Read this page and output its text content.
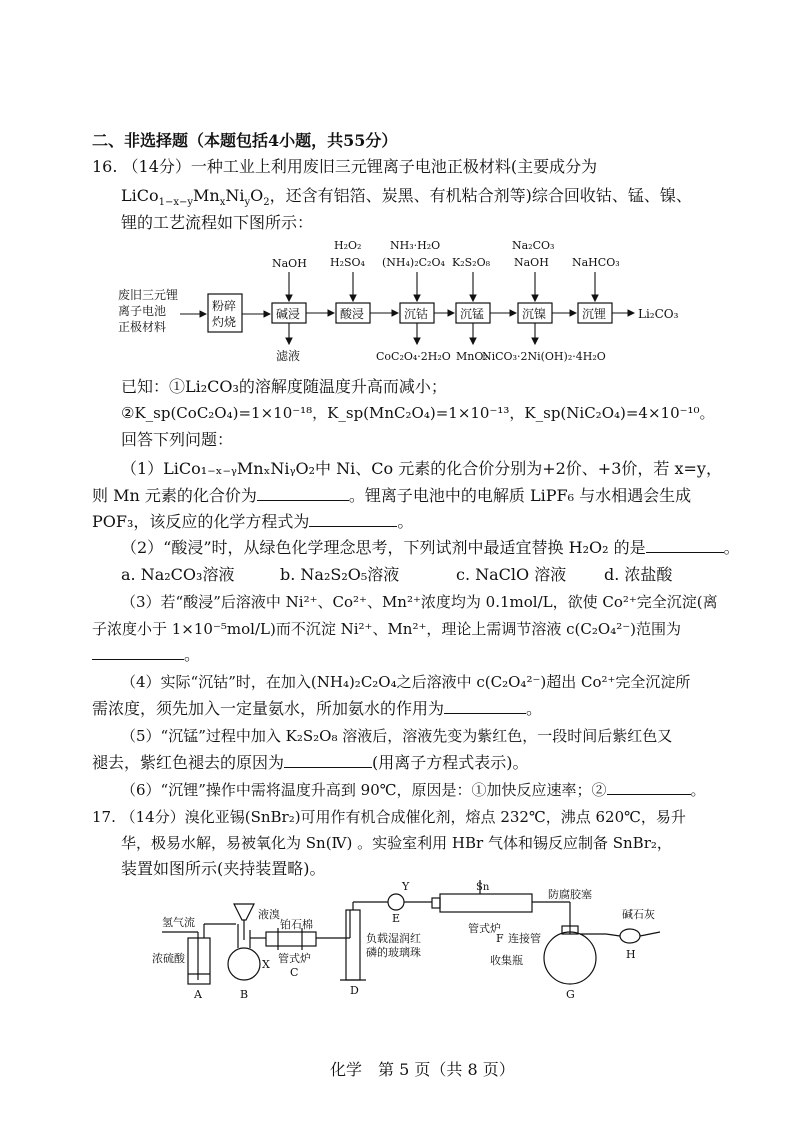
二、非选择题（本题包括4小题，共55分）
16. （14分）一种工业上利用废旧三元锂离子电池正极材料(主要成分为
$LiCo_{1-x-y}Mn_xNi_yO_2$，还含有铝箔、炭黑、有机粘合剂等)综合回收钴、锰、镍、
锂的工艺流程如下图所示：
废旧三元锂
离子电池
正极材料
粉碎
灼烧
碱浸
NaOH
滤液
酸浸
H₂O₂
H₂SO₄
沉钴
NH₃·H₂O
(NH₄)₂C₂O₄
CoC₂O₄·2H₂O
沉锰
K₂S₂O₈
MnO₂
沉镍
Na₂CO₃
NaOH
NiCO₃·2Ni(OH)₂·4H₂O
沉锂
NaHCO₃
Li₂CO₃
已知：①Li₂CO₃的溶解度随温度升高而减小；
②K_sp(CoC₂O₄)=1×10⁻¹⁸，K_sp(MnC₂O₄)=1×10⁻¹³，K_sp(NiC₂O₄)=4×10⁻¹⁰。
回答下列问题：
（1）LiCo₁₋ₓ₋ᵧMnₓNiᵧO₂中 Ni、Co 元素的化合价分别为+2价、+3价，若 x=y，
则 Mn 元素的化合价为	。锂离子电池中的电解质 LiPF₆ 与水相遇会生成
POF₃，该反应的化学方程式为	。
（2）“酸浸”时，从绿色化学理念思考，下列试剂中最适宜替换 H₂O₂ 的是	。
a. Na₂CO₃溶液	b. Na₂S₂O₅溶液	c. NaClO 溶液 d. 浓盐酸
（3）若“酸浸”后溶液中 Ni²⁺、Co²⁺、Mn²⁺浓度均为 0.1mol/L，欲使 Co²⁺完全沉淀(离
子浓度小于 1×10⁻⁵mol/L)而不沉淀 Ni²⁺、Mn²⁺，理论上需调节溶液 c(C₂O₄²⁻)范围为
。
（4）实际“沉钴”时，在加入(NH₄)₂C₂O₄之后溶液中 c(C₂O₄²⁻)超出 Co²⁺完全沉淀所
需浓度，须先加入一定量氨水，所加氨水的作用为	。
（5）“沉锰”过程中加入 K₂S₂O₈ 溶液后，溶液先变为紫红色，一段时间后紫红色又
褪去，紫红色褪去的原因为	(用离子方程式表示)。
（6）“沉锂”操作中需将温度升高到 90℃，原因是：①加快反应速率；②	。
17. （14分）溴化亚锡(SnBr₂)可用作有机合成催化剂，熔点 232℃，沸点 620℃，易升
华，极易水解，易被氧化为 Sn(Ⅳ) 。实验室利用 HBr 气体和锡反应制备 SnBr₂，
装置如图所示(夹持装置略)。
氢气流
浓硫酸
液溴
铂石棉
管式炉
负载湿润红
磷的玻璃珠
Sn
管式炉
连接管
防腐胶塞
收集瓶
碱石灰
A	B
C
D
E
F
G
H
X
Y
化学　第 5 页（共 8 页）
